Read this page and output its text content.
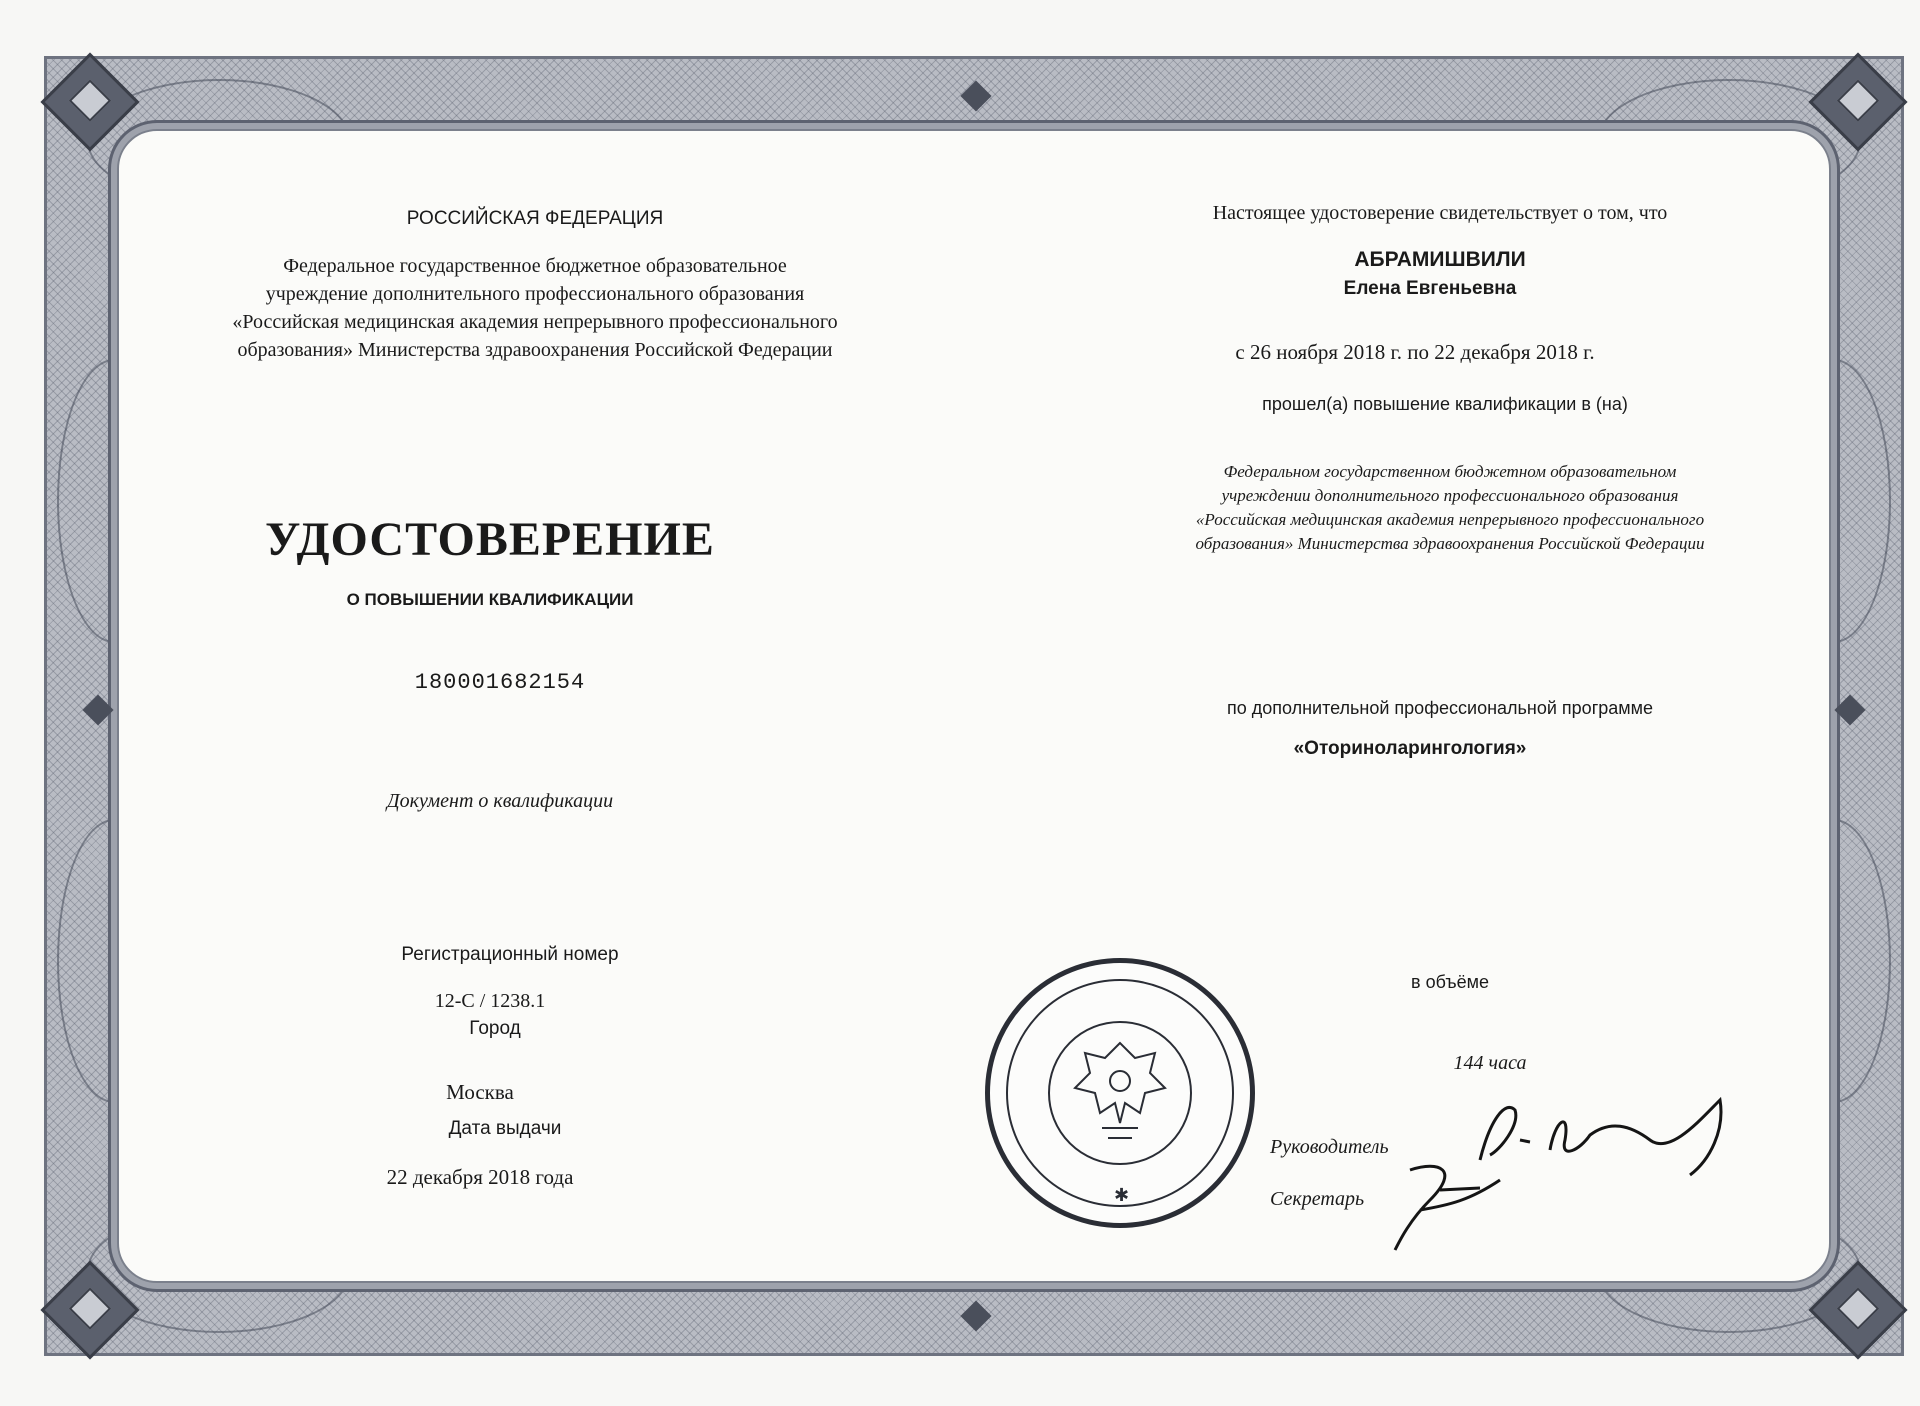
РОССИЙСКАЯ ФЕДЕРАЦИЯ
Федеральное государственное бюджетное образовательное
учреждение дополнительного профессионального образования
«Российская медицинская академия непрерывного профессионального
образования» Министерства здравоохранения Российской Федерации
УДОСТОВЕРЕНИЕ
О ПОВЫШЕНИИ КВАЛИФИКАЦИИ
180001682154
Документ о квалификации
Регистрационный номер
12-С / 1238.1
Город
Москва
Дата выдачи
22 декабря 2018 года
Настоящее удостоверение свидетельствует о том, что
АБРАМИШВИЛИ
Елена Евгеньевна
с 26 ноября 2018 г. по 22 декабря 2018 г.
прошел(а) повышение квалификации в (на)
Федеральном государственном бюджетном образовательном
учреждении дополнительного профессионального образования
«Российская медицинская академия непрерывного профессионального
образования» Министерства здравоохранения Российской Федерации
по дополнительной профессиональной программе
«Оториноларингология»
в объёме
144 часа
Руководитель
Секретарь
✱
